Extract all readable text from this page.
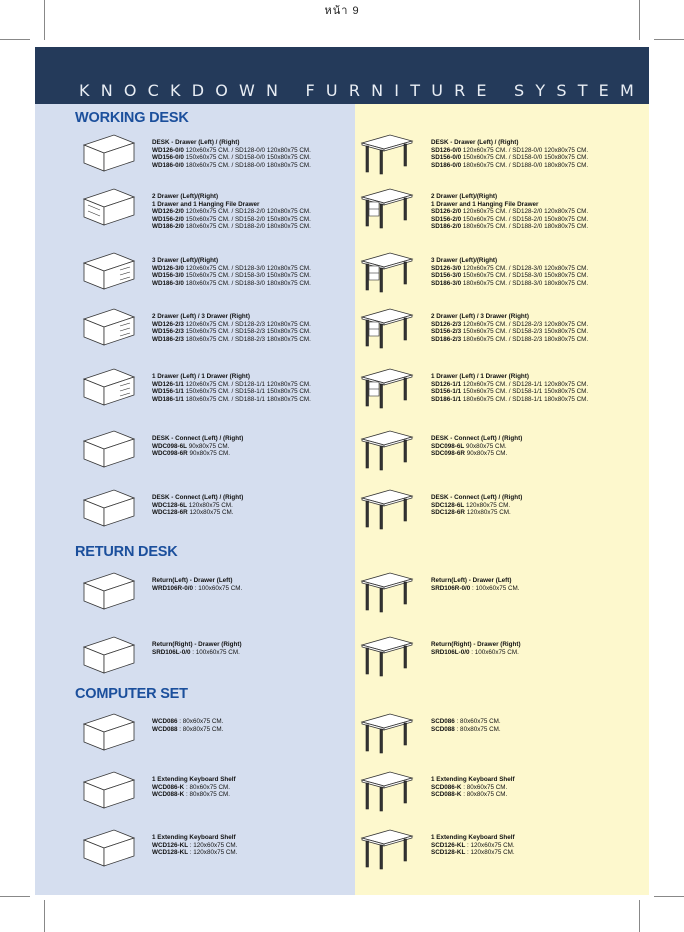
หน้า 9
KNOCKDOWN FURNITURE SYSTEM
WORKING DESK
RETURN DESK
COMPUTER SET
DESK - Drawer (Left) / (Right)
WD126-0/0 120x60x75 CM. / SD128-0/0 120x80x75 CM.
WD156-0/0 150x60x75 CM. / SD158-0/0 150x80x75 CM.
WD186-0/0 180x60x75 CM. / SD188-0/0 180x80x75 CM.
2 Drawer (Left)/(Right)
1 Drawer and 1 Hanging File Drawer
WD126-2/0 120x60x75 CM. / SD128-2/0 120x80x75 CM.
WD156-2/0 150x60x75 CM. / SD158-2/0 150x80x75 CM.
WD186-2/0 180x60x75 CM. / SD188-2/0 180x80x75 CM.
3 Drawer (Left)/(Right)
WD126-3/0 120x60x75 CM. / SD128-3/0 120x80x75 CM.
WD156-3/0 150x60x75 CM. / SD158-3/0 150x80x75 CM.
WD186-3/0 180x60x75 CM. / SD188-3/0 180x80x75 CM.
2 Drawer (Left) / 3 Drawer (Right)
WD126-2/3 120x60x75 CM. / SD128-2/3 120x80x75 CM.
WD156-2/3 150x60x75 CM. / SD158-2/3 150x80x75 CM.
WD186-2/3 180x60x75 CM. / SD188-2/3 180x80x75 CM.
1 Drawer (Left) / 1 Drawer (Right)
WD126-1/1 120x60x75 CM. / SD128-1/1 120x80x75 CM.
WD156-1/1 150x60x75 CM. / SD158-1/1 150x80x75 CM.
WD186-1/1 180x60x75 CM. / SD188-1/1 180x80x75 CM.
DESK - Connect (Left) / (Right)
WDC098-6L 90x80x75 CM.
WDC098-6R 90x80x75 CM.
DESK - Connect (Left) / (Right)
WDC128-6L 120x80x75 CM.
WDC128-6R 120x80x75 CM.
Return(Left) - Drawer (Left)
WRD106R-0/0 : 100x60x75 CM.
Return(Right) - Drawer (Right)
SRD106L-0/0 : 100x60x75 CM.
WCD086 : 80x60x75 CM.
WCD088 : 80x80x75 CM.
1 Extending Keyboard Shelf
WCD086-K : 80x60x75 CM.
WCD088-K : 80x80x75 CM.
1 Extending Keyboard Shelf
WCD126-KL : 120x60x75 CM.
WCD128-KL : 120x80x75 CM.
DESK - Drawer (Left) / (Right)
SD126-0/0 120x60x75 CM. / SD128-0/0 120x80x75 CM.
SD156-0/0 150x60x75 CM. / SD158-0/0 150x80x75 CM.
SD186-0/0 180x60x75 CM. / SD188-0/0 180x80x75 CM.
2 Drawer (Left)/(Right)
1 Drawer and 1 Hanging File Drawer
SD126-2/0 120x60x75 CM. / SD128-2/0 120x80x75 CM.
SD156-2/0 150x60x75 CM. / SD158-2/0 150x80x75 CM.
SD186-2/0 180x60x75 CM. / SD188-2/0 180x80x75 CM.
3 Drawer (Left)/(Right)
SD126-3/0 120x60x75 CM. / SD128-3/0 120x80x75 CM.
SD156-3/0 150x60x75 CM. / SD158-3/0 150x80x75 CM.
SD186-3/0 180x60x75 CM. / SD188-3/0 180x80x75 CM.
2 Drawer (Left) / 3 Drawer (Right)
SD126-2/3 120x60x75 CM. / SD128-2/3 120x80x75 CM.
SD156-2/3 150x60x75 CM. / SD158-2/3 150x80x75 CM.
SD186-2/3 180x60x75 CM. / SD188-2/3 180x80x75 CM.
1 Drawer (Left) / 1 Drawer (Right)
SD126-1/1 120x60x75 CM. / SD128-1/1 120x80x75 CM.
SD156-1/1 150x60x75 CM. / SD158-1/1 150x80x75 CM.
SD186-1/1 180x60x75 CM. / SD188-1/1 180x80x75 CM.
DESK - Connect (Left) / (Right)
SDC098-6L 90x80x75 CM.
SDC098-6R 90x80x75 CM.
DESK - Connect (Left) / (Right)
SDC128-6L 120x80x75 CM.
SDC128-6R 120x80x75 CM.
Return(Left) - Drawer (Left)
SRD106R-0/0 : 100x60x75 CM.
Return(Right) - Drawer (Right)
SRD106L-0/0 : 100x60x75 CM.
SCD086 : 80x60x75 CM.
SCD088 : 80x80x75 CM.
1 Extending Keyboard Shelf
SCD086-K : 80x60x75 CM.
SCD088-K : 80x80x75 CM.
1 Extending Keyboard Shelf
SCD126-KL : 120x60x75 CM.
SCD128-KL : 120x80x75 CM.
